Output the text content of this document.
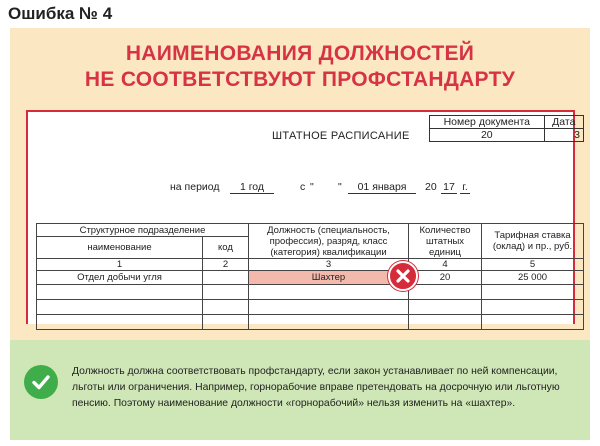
Ошибка № 4
НАИМЕНОВАНИЯ ДОЛЖНОСТЕЙ
НЕ СООТВЕТСТВУЮТ ПРОФСТАНДАРТУ
Номер документа	Дата
20	3
ШТАТНОЕ РАСПИСАНИЕ
на период	1 год	с " "	01 января	20 17 г.
Структурное подразделение		Должность (специальность, профессия), разряд, класс (категория) квалификации	Количество штатных единиц	Тарифная ставка (оклад) и пр., руб.
наименование	код			
1	2	3	4	5
Отдел добычи угля		Шахтер	20	25 000

Должность должна соответствовать профстандарту, если закон устанавливает по ней компенсации,
льготы или ограничения. Например, горнорабочие вправе претендовать на досрочную или льготную
пенсию. Поэтому наименование должности «горнорабочий» нельзя изменить на «шахтер».
